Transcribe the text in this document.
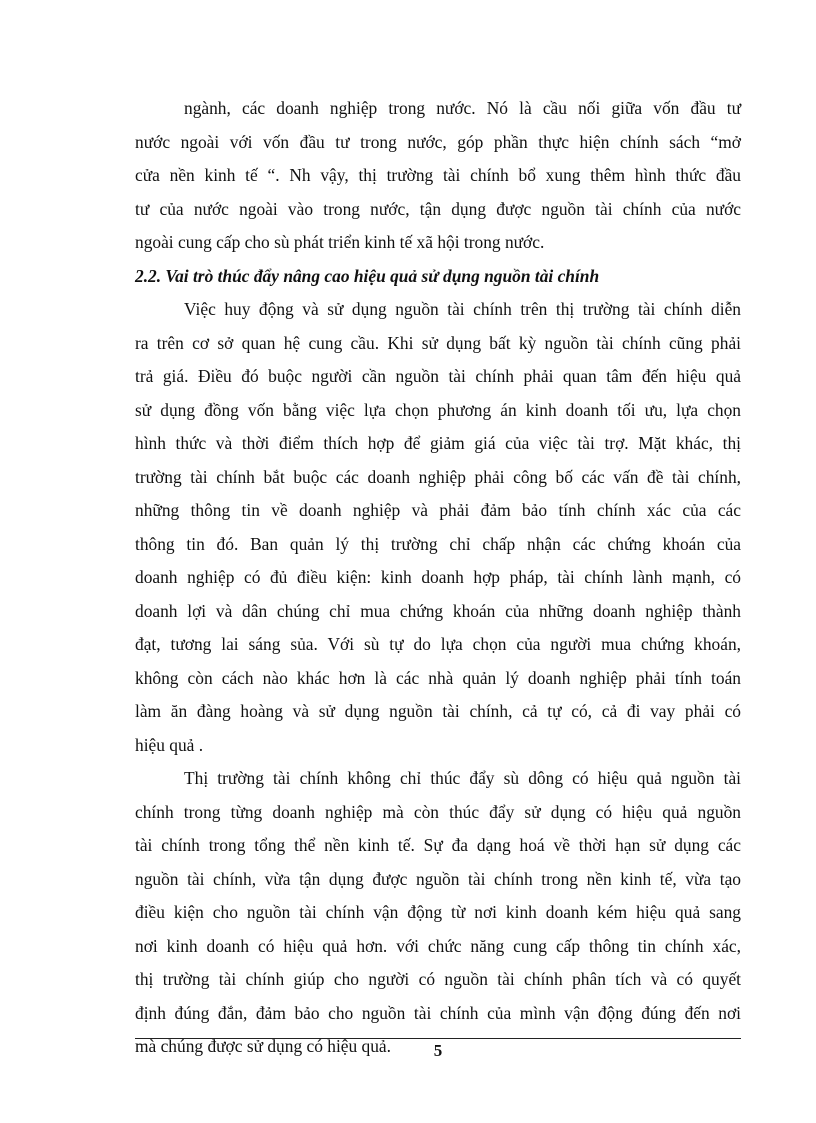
ngành, các doanh nghiệp trong nước. Nó là cầu nối giữa vốn đầu tư
nước ngoài với vốn đầu tư trong nước, góp phần thực hiện chính sách “mở
cửa nền kinh tế “. Nh vậy, thị trường tài chính bổ xung thêm hình thức đầu
tư của nước ngoài vào trong nước, tận dụng được nguồn tài chính của nước
ngoài cung cấp cho sù phát triển kinh tế xã hội trong nước.
2.2. Vai trò thúc đẩy nâng cao hiệu quả sử dụng nguồn tài chính
Việc huy động và sử dụng nguồn tài chính trên thị trường tài chính diễn
ra trên cơ sở quan hệ cung cầu. Khi sử dụng bất kỳ nguồn tài chính cũng phải
trả giá. Điều đó buộc người cần nguồn tài chính phải quan tâm đến hiệu quả
sử dụng đồng vốn bằng việc lựa chọn phương án kinh doanh tối ưu, lựa chọn
hình thức và thời điểm thích hợp để giảm giá của việc tài trợ. Mặt khác, thị
trường tài chính bắt buộc các doanh nghiệp phải công bố các vấn đề tài chính,
những thông tin về doanh nghiệp và phải đảm bảo tính chính xác của các
thông tin đó. Ban quản lý thị trường chỉ chấp nhận các chứng khoán của
doanh nghiệp có đủ điều kiện: kinh doanh hợp pháp, tài chính lành mạnh, có
doanh lợi và dân chúng chỉ mua chứng khoán của những doanh nghiệp thành
đạt, tương lai sáng sủa. Với sù tự do lựa chọn của người mua chứng khoán,
không còn cách nào khác hơn là các nhà quản lý doanh nghiệp phải tính toán
làm ăn đàng hoàng và sử dụng nguồn tài chính, cả tự có, cả đi vay phải có
hiệu quả .
Thị trường tài chính không chỉ thúc đẩy sù dông có hiệu quả nguồn tài
chính trong từng doanh nghiệp mà còn thúc đẩy sử dụng có hiệu quả nguồn
tài chính trong tổng thể nền kinh tế. Sự đa dạng hoá về thời hạn sử dụng các
nguồn tài chính, vừa tận dụng được nguồn tài chính trong nền kinh tế, vừa tạo
điều kiện cho nguồn tài chính vận động từ nơi kinh doanh kém hiệu quả sang
nơi kinh doanh có hiệu quả hơn. với chức năng cung cấp thông tin chính xác,
thị trường tài chính giúp cho người có nguồn tài chính phân tích và có quyết
định đúng đắn, đảm bảo cho nguồn tài chính của mình vận động đúng đến nơi
mà chúng được sử dụng có hiệu quả.	5
